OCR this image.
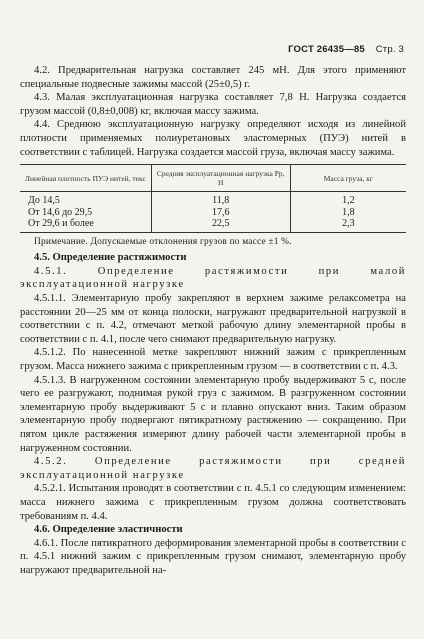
ГОСТ 26435—85 Стр. 3

4.2. Предварительная нагрузка составляет 245 мН. Для этого применяют специальные подвесные зажимы массой (25±0,5) г.

4.3. Малая эксплуатационная нагрузка составляет 7,8 Н. Нагрузка создается грузом массой (0,8±0,008) кг, включая массу зажима.

4.4. Среднюю эксплуатационную нагрузку определяют исходя из линейной плотности применяемых полиуретановых эластомерных (ПУЭ) нитей в соответствии с таблицей. Нагрузка создается массой груза, включая массу зажима.

Линейная плотность ПУЭ нитей, текс	Средняя эксплуатационная нагрузка Рр, Н	Масса груза, кг
До 14,5	11,8	1,2
От 14,6 до 29,5	17,6	1,8
От 29,6 и более	22,5	2,3

Примечание. Допускаемые отклонения грузов по массе ±1 %.

4.5. Определение растяжимости

4.5.1. Определение растяжимости при малой эксплуатационной нагрузке

4.5.1.1. Элементарную пробу закрепляют в верхнем зажиме релаксометра на расстоянии 20—25 мм от конца полоски, нагружают предварительной нагрузкой в соответствии с п. 4.2, отмечают меткой рабочую длину элементарной пробы в соответствии с п. 4.1, после чего снимают предварительную нагрузку.

4.5.1.2. По нанесенной метке закрепляют нижний зажим с прикрепленным грузом. Масса нижнего зажима с прикрепленным грузом — в соответствии с п. 4.3.

4.5.1.3. В нагруженном состоянии элементарную пробу выдерживают 5 с, после чего ее разгружают, поднимая рукой груз с зажимом. В разгруженном состоянии элементарную пробу выдерживают 5 с и плавно опускают вниз. Таким образом элементарную пробу подвергают пятикратному растяжению — сокращению. При пятом цикле растяжения измеряют длину рабочей части элементарной пробы в нагруженном состоянии.

4.5.2. Определение растяжимости при средней эксплуатационной нагрузке

4.5.2.1. Испытания проводят в соответствии с п. 4.5.1 со следующим изменением: масса нижнего зажима с прикрепленным грузом должна соответствовать требованиям п. 4.4.

4.6. Определение эластичности

4.6.1. После пятикратного деформирования элементарной пробы в соответствии с п. 4.5.1 нижний зажим с прикрепленным грузом снимают, элементарную пробу нагружают предварительной на-
